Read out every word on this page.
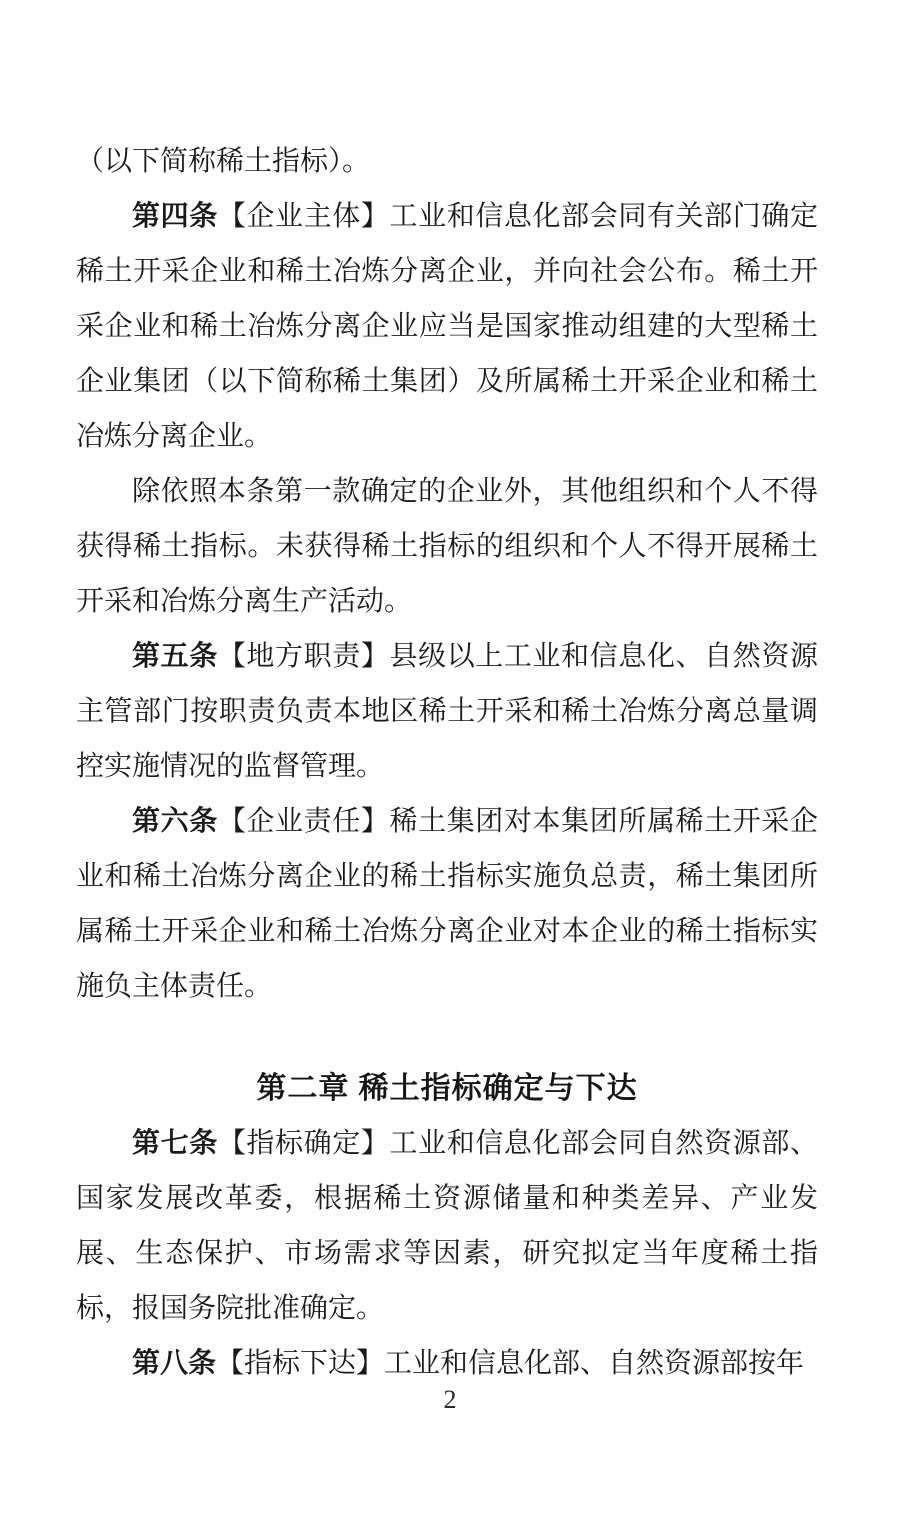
（以下简称稀土指标）。

第四条【企业主体】工业和信息化部会同有关部门确定稀土开采企业和稀土冶炼分离企业，并向社会公布。稀土开采企业和稀土冶炼分离企业应当是国家推动组建的大型稀土企业集团（以下简称稀土集团）及所属稀土开采企业和稀土冶炼分离企业。

除依照本条第一款确定的企业外，其他组织和个人不得获得稀土指标。未获得稀土指标的组织和个人不得开展稀土开采和冶炼分离生产活动。

第五条【地方职责】县级以上工业和信息化、自然资源主管部门按职责负责本地区稀土开采和稀土冶炼分离总量调控实施情况的监督管理。

第六条【企业责任】稀土集团对本集团所属稀土开采企业和稀土冶炼分离企业的稀土指标实施负总责，稀土集团所属稀土开采企业和稀土冶炼分离企业对本企业的稀土指标实施负主体责任。

第二章 稀土指标确定与下达

第七条【指标确定】工业和信息化部会同自然资源部、国家发展改革委，根据稀土资源储量和种类差异、产业发展、生态保护、市场需求等因素，研究拟定当年度稀土指标，报国务院批准确定。

第八条【指标下达】工业和信息化部、自然资源部按年

2
